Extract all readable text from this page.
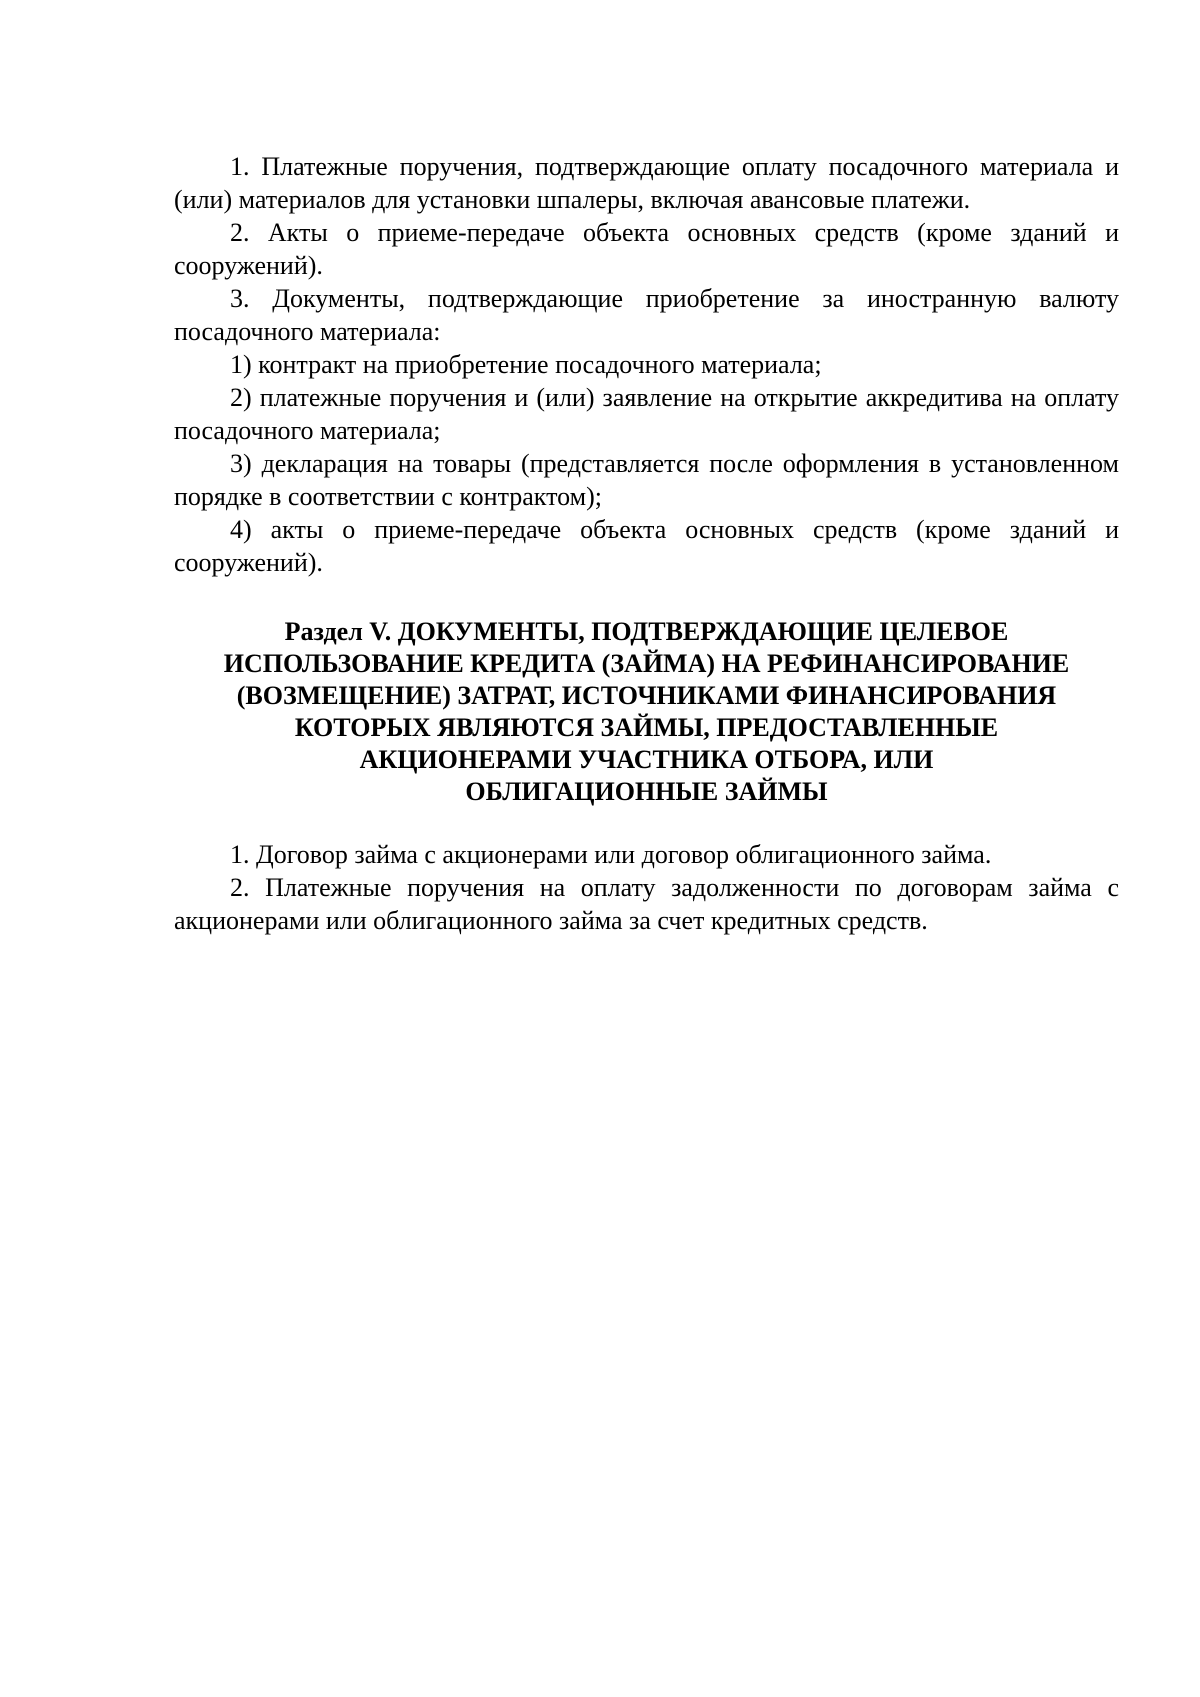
1. Платежные поручения, подтверждающие оплату посадочного материала и (или) материалов для установки шпалеры, включая авансовые платежи.

2. Акты о приеме-передаче объекта основных средств (кроме зданий и сооружений).

3. Документы, подтверждающие приобретение за иностранную валюту посадочного материала:

1) контракт на приобретение посадочного материала;

2) платежные поручения и (или) заявление на открытие аккредитива на оплату посадочного материала;

3) декларация на товары (представляется после оформления в установленном порядке в соответствии с контрактом);

4) акты о приеме-передаче объекта основных средств (кроме зданий и сооружений).

Раздел V. ДОКУМЕНТЫ, ПОДТВЕРЖДАЮЩИЕ ЦЕЛЕВОЕ
ИСПОЛЬЗОВАНИЕ КРЕДИТА (ЗАЙМА) НА РЕФИНАНСИРОВАНИЕ
(ВОЗМЕЩЕНИЕ) ЗАТРАТ, ИСТОЧНИКАМИ ФИНАНСИРОВАНИЯ
КОТОРЫХ ЯВЛЯЮТСЯ ЗАЙМЫ, ПРЕДОСТАВЛЕННЫЕ
АКЦИОНЕРАМИ УЧАСТНИКА ОТБОРА, ИЛИ
ОБЛИГАЦИОННЫЕ ЗАЙМЫ

1. Договор займа с акционерами или договор облигационного займа.

2. Платежные поручения на оплату задолженности по договорам займа с акционерами или облигационного займа за счет кредитных средств.
